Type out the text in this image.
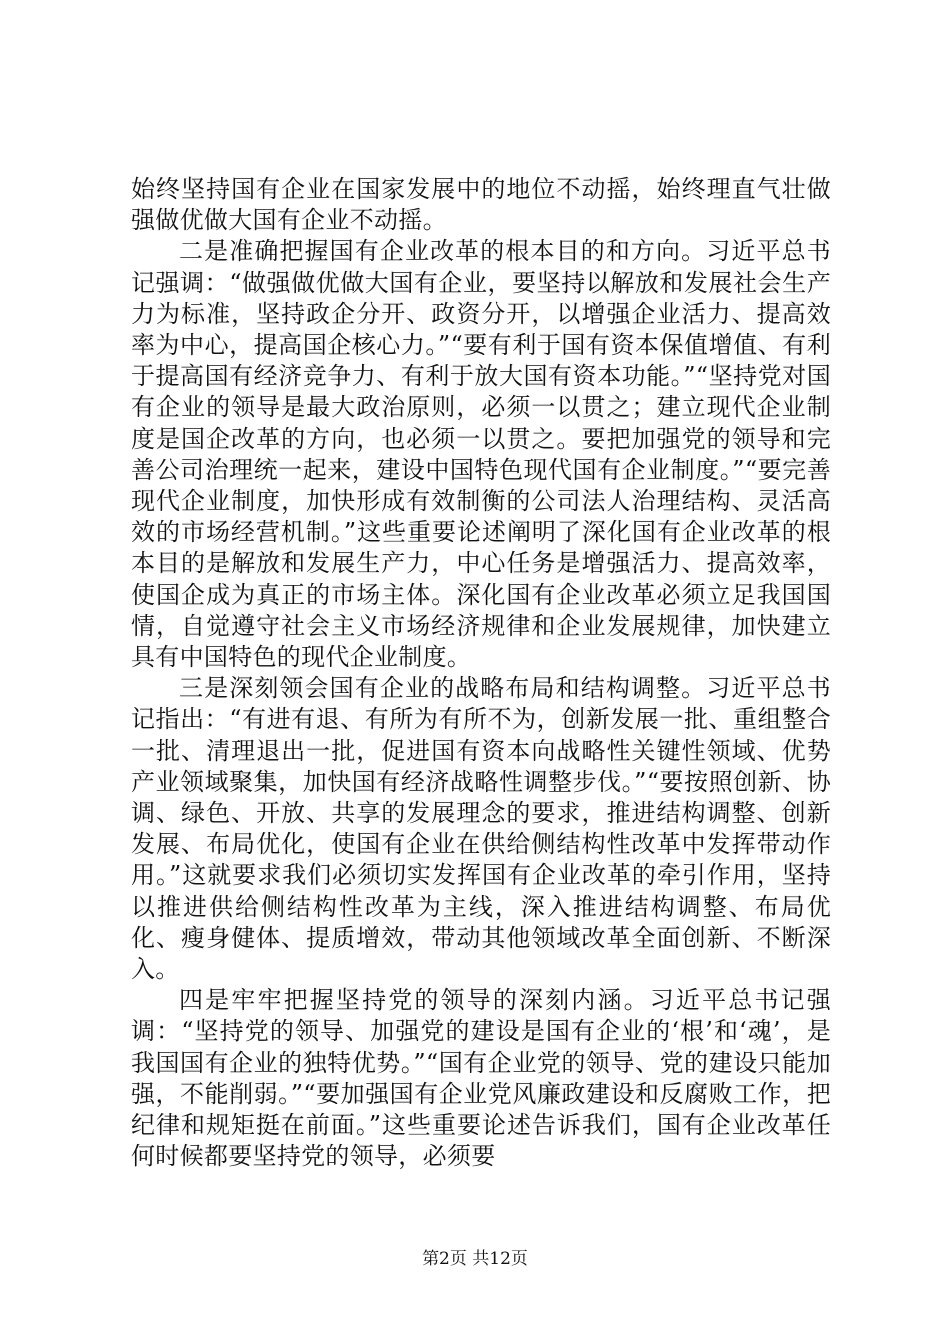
始终坚持国有企业在国家发展中的地位不动摇，始终理直气壮做强做优做大国有企业不动摇。

二是准确把握国有企业改革的根本目的和方向。习近平总书记强调：“做强做优做大国有企业，要坚持以解放和发展社会生产力为标准，坚持政企分开、政资分开，以增强企业活力、提高效率为中心，提高国企核心力。”“要有利于国有资本保值增值、有利于提高国有经济竞争力、有利于放大国有资本功能。”“坚持党对国有企业的领导是最大政治原则，必须一以贯之；建立现代企业制度是国企改革的方向，也必须一以贯之。要把加强党的领导和完善公司治理统一起来，建设中国特色现代国有企业制度。”“要完善现代企业制度，加快形成有效制衡的公司法人治理结构、灵活高效的市场经营机制。”这些重要论述阐明了深化国有企业改革的根本目的是解放和发展生产力，中心任务是增强活力、提高效率，使国企成为真正的市场主体。深化国有企业改革必须立足我国国情，自觉遵守社会主义市场经济规律和企业发展规律，加快建立具有中国特色的现代企业制度。

三是深刻领会国有企业的战略布局和结构调整。习近平总书记指出：“有进有退、有所为有所不为，创新发展一批、重组整合一批、清理退出一批，促进国有资本向战略性关键性领域、优势产业领域聚集，加快国有经济战略性调整步伐。”“要按照创新、协调、绿色、开放、共享的发展理念的要求，推进结构调整、创新发展、布局优化，使国有企业在供给侧结构性改革中发挥带动作用。”这就要求我们必须切实发挥国有企业改革的牵引作用，坚持以推进供给侧结构性改革为主线，深入推进结构调整、布局优化、瘦身健体、提质增效，带动其他领域改革全面创新、不断深入。

四是牢牢把握坚持党的领导的深刻内涵。习近平总书记强调：“坚持党的领导、加强党的建设是国有企业的‘根’和‘魂’，是我国国有企业的独特优势。”“国有企业党的领导、党的建设只能加强，不能削弱。”“要加强国有企业党风廉政建设和反腐败工作，把纪律和规矩挺在前面。”这些重要论述告诉我们，国有企业改革任何时候都要坚持党的领导，必须要

第2页 共12页
